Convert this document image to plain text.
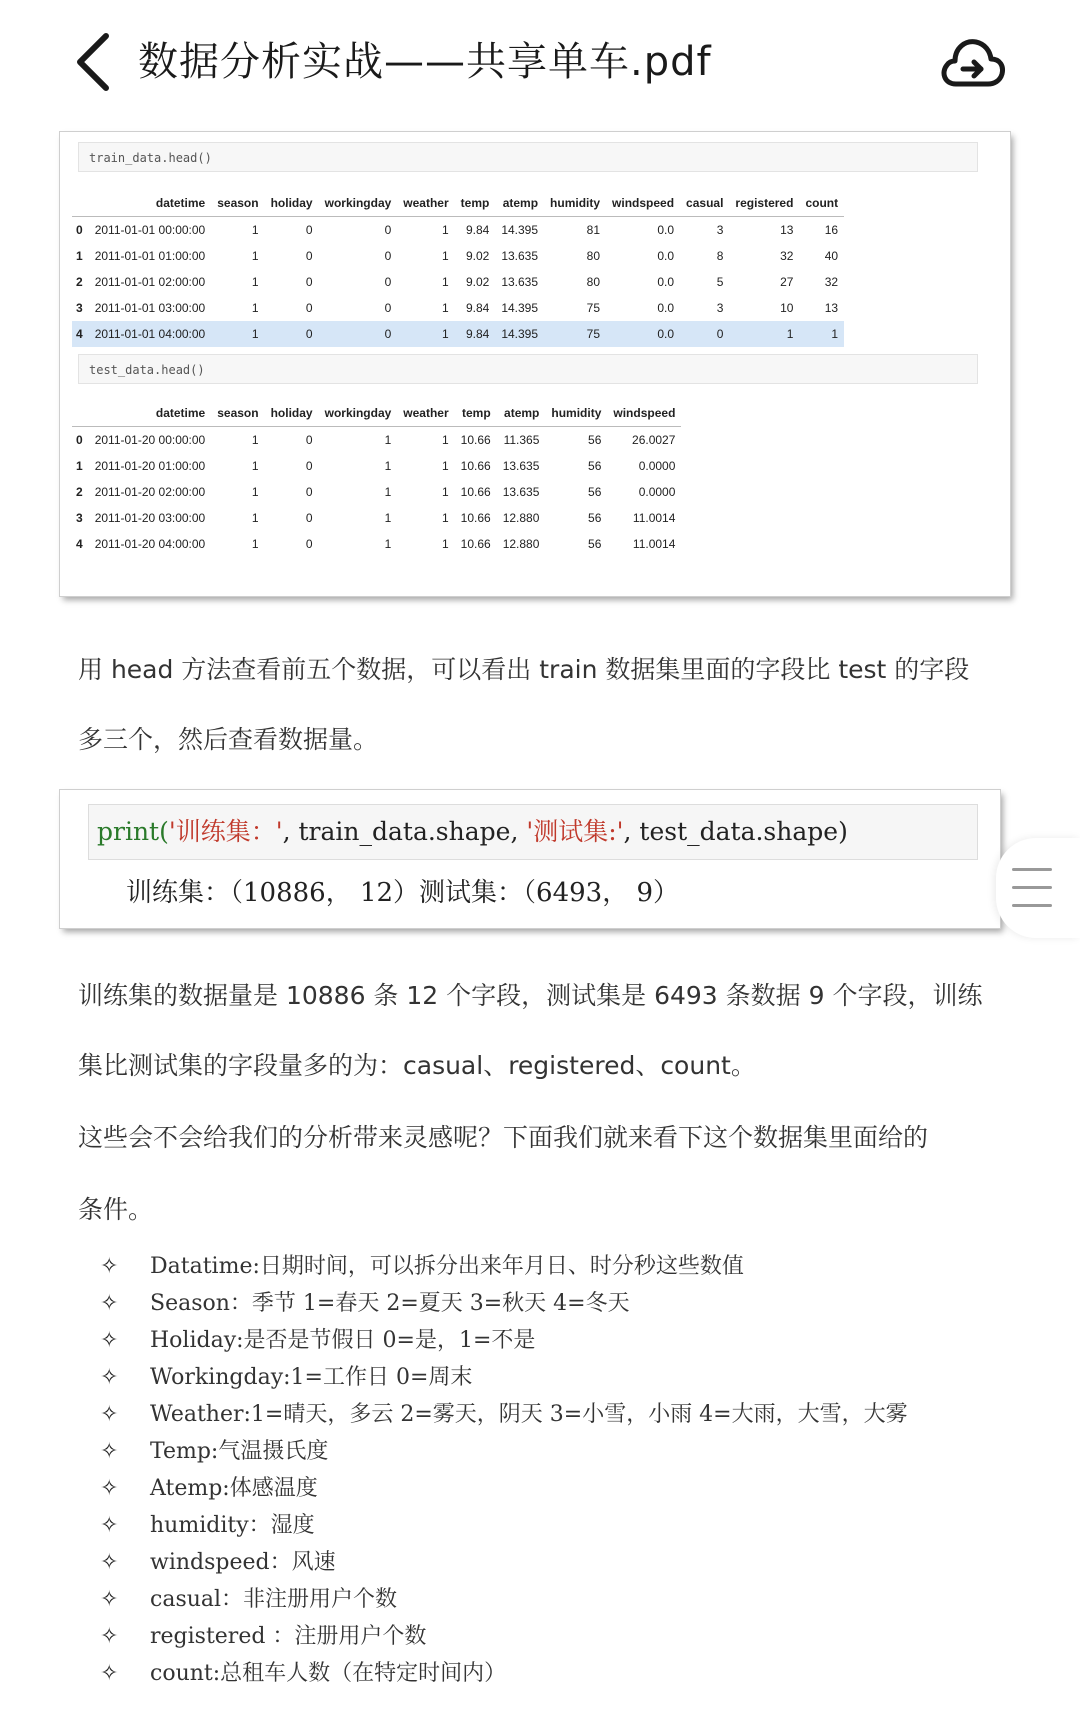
数据分析实战——共享单车.pdf
train_data.head()
	datetime	season	holiday	workingday	weather	temp	atemp	humidity	windspeed	casual	registered	count
0	2011-01-01 00:00:00	1	0	0	1	9.84	14.395	81	0.0	3	13	16
1	2011-01-01 01:00:00	1	0	0	1	9.02	13.635	80	0.0	8	32	40
2	2011-01-01 02:00:00	1	0	0	1	9.02	13.635	80	0.0	5	27	32
3	2011-01-01 03:00:00	1	0	0	1	9.84	14.395	75	0.0	3	10	13
4	2011-01-01 04:00:00	1	0	0	1	9.84	14.395	75	0.0	0	1	1
test_data.head()
	datetime	season	holiday	workingday	weather	temp	atemp	humidity	windspeed
0	2011-01-20 00:00:00	1	0	1	1	10.66	11.365	56	26.0027
1	2011-01-20 01:00:00	1	0	1	1	10.66	13.635	56	0.0000
2	2011-01-20 02:00:00	1	0	1	1	10.66	13.635	56	0.0000
3	2011-01-20 03:00:00	1	0	1	1	10.66	12.880	56	11.0014
4	2011-01-20 04:00:00	1	0	1	1	10.66	12.880	56	11.0014
用 head 方法查看前五个数据，可以看出 train 数据集里面的字段比 test 的字段
多三个，然后查看数据量。
print('训练集：', train_data.shape, '测试集:', test_data.shape)
训练集：（10886， 12）测试集：（6493， 9）
训练集的数据量是 10886 条 12 个字段，测试集是 6493 条数据 9 个字段，训练
集比测试集的字段量多的为：casual、registered、count。
这些会不会给我们的分析带来灵感呢？下面我们就来看下这个数据集里面给的
条件。
✧ Datatime:日期时间，可以拆分出来年月日、时分秒这些数值
✧ Season：季节 1=春天 2=夏天 3=秋天 4=冬天
✧ Holiday:是否是节假日 0=是，1=不是
✧ Workingday:1=工作日 0=周末
✧ Weather:1=晴天，多云 2=雾天，阴天 3=小雪，小雨 4=大雨，大雪，大雾
✧ Temp:气温摄氏度
✧ Atemp:体感温度
✧ humidity：湿度
✧ windspeed：风速
✧ casual：非注册用户个数
✧ registered ：注册用户个数
✧ count:总租车人数（在特定时间内）
